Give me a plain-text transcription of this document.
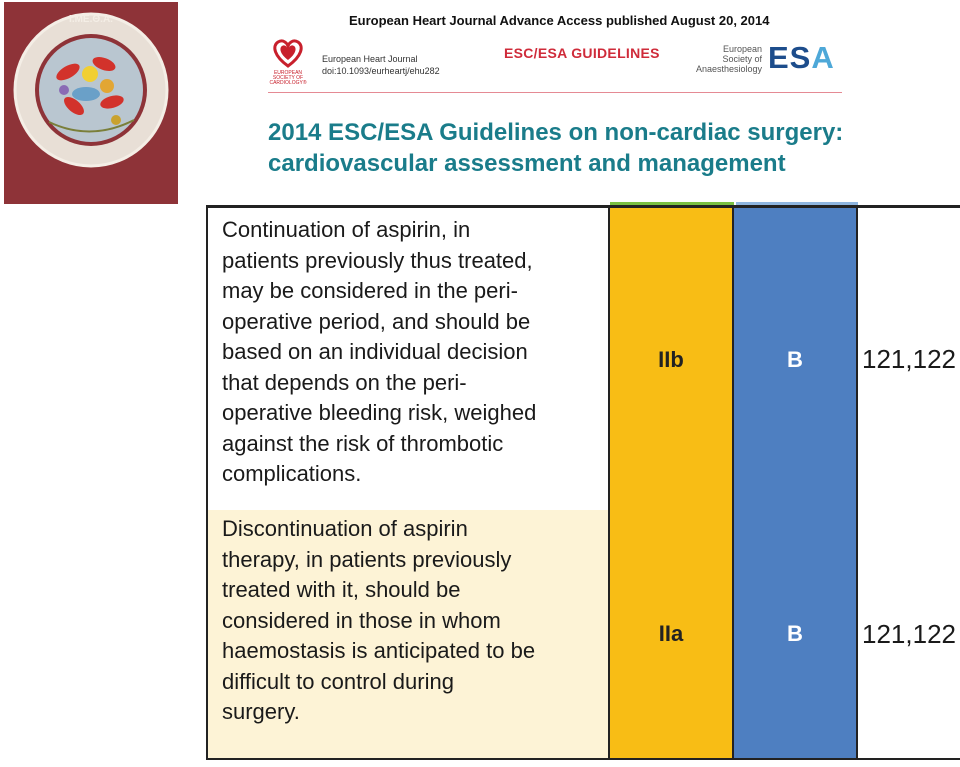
Ι.ΜΕ.Θ.Α.	European Heart Journal Advance Access published August 20, 2014
EUROPEAN
SOCIETY OF
CARDIOLOGY®
European Heart Journal
doi:10.1093/eurheartj/ehu282
ESC/ESA GUIDELINES	European
Society of
Anaesthesiology ESA
2014 ESC/ESA Guidelines on non-cardiac surgery:
cardiovascular assessment and management
Continuation of aspirin, in
patients previously thus treated,
may be considered in the peri-
operative period, and should be
based on an individual decision
that depends on the peri-
operative bleeding risk, weighed
against the risk of thrombotic
complications.
IIb	B	121,122
Discontinuation of aspirin
therapy, in patients previously
treated with it, should be
considered in those in whom
haemostasis is anticipated to be
difficult to control during
surgery.
IIa	B	121,122
